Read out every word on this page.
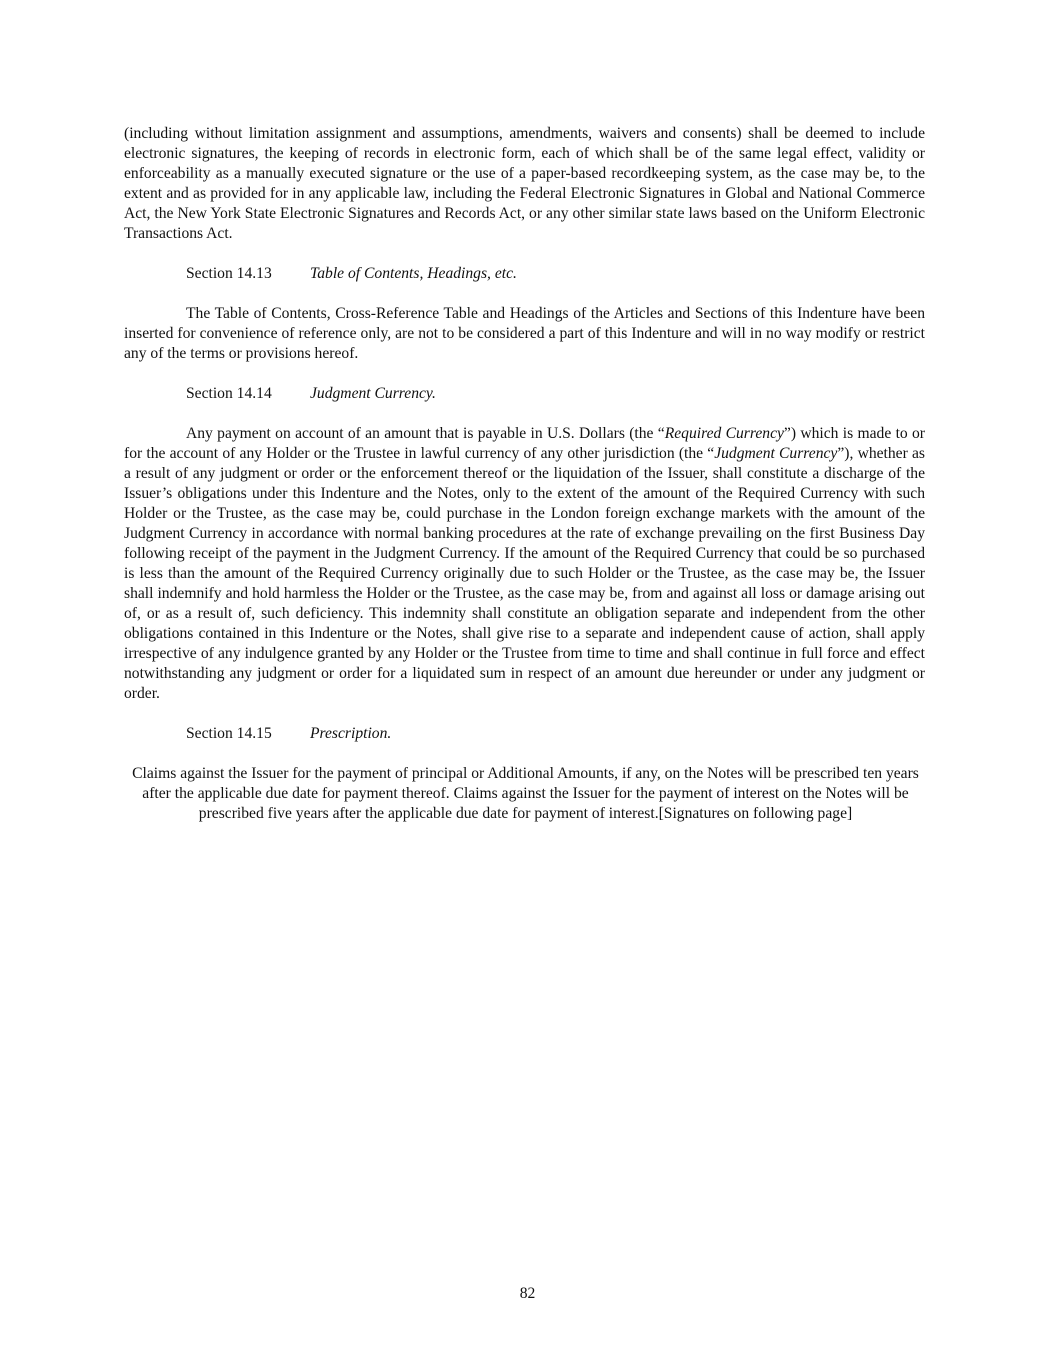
(including without limitation assignment and assumptions, amendments, waivers and consents) shall be deemed to include electronic signatures, the keeping of records in electronic form, each of which shall be of the same legal effect, validity or enforceability as a manually executed signature or the use of a paper-based recordkeeping system, as the case may be, to the extent and as provided for in any applicable law, including the Federal Electronic Signatures in Global and National Commerce Act, the New York State Electronic Signatures and Records Act, or any other similar state laws based on the Uniform Electronic Transactions Act.

Section 14.13 Table of Contents, Headings, etc.

The Table of Contents, Cross-Reference Table and Headings of the Articles and Sections of this Indenture have been inserted for convenience of reference only, are not to be considered a part of this Indenture and will in no way modify or restrict any of the terms or provisions hereof.

Section 14.14 Judgment Currency.

Any payment on account of an amount that is payable in U.S. Dollars (the “Required Currency”) which is made to or for the account of any Holder or the Trustee in lawful currency of any other jurisdiction (the “Judgment Currency”), whether as a result of any judgment or order or the enforcement thereof or the liquidation of the Issuer, shall constitute a discharge of the Issuer’s obligations under this Indenture and the Notes, only to the extent of the amount of the Required Currency with such Holder or the Trustee, as the case may be, could purchase in the London foreign exchange markets with the amount of the Judgment Currency in accordance with normal banking procedures at the rate of exchange prevailing on the first Business Day following receipt of the payment in the Judgment Currency. If the amount of the Required Currency that could be so purchased is less than the amount of the Required Currency originally due to such Holder or the Trustee, as the case may be, the Issuer shall indemnify and hold harmless the Holder or the Trustee, as the case may be, from and against all loss or damage arising out of, or as a result of, such deficiency. This indemnity shall constitute an obligation separate and independent from the other obligations contained in this Indenture or the Notes, shall give rise to a separate and independent cause of action, shall apply irrespective of any indulgence granted by any Holder or the Trustee from time to time and shall continue in full force and effect notwithstanding any judgment or order for a liquidated sum in respect of an amount due hereunder or under any judgment or order.

Section 14.15 Prescription.

Claims against the Issuer for the payment of principal or Additional Amounts, if any, on the Notes will be prescribed ten years after the applicable due date for payment thereof. Claims against the Issuer for the payment of interest on the Notes will be prescribed five years after the applicable due date for payment of interest.[Signatures on following page]

82
